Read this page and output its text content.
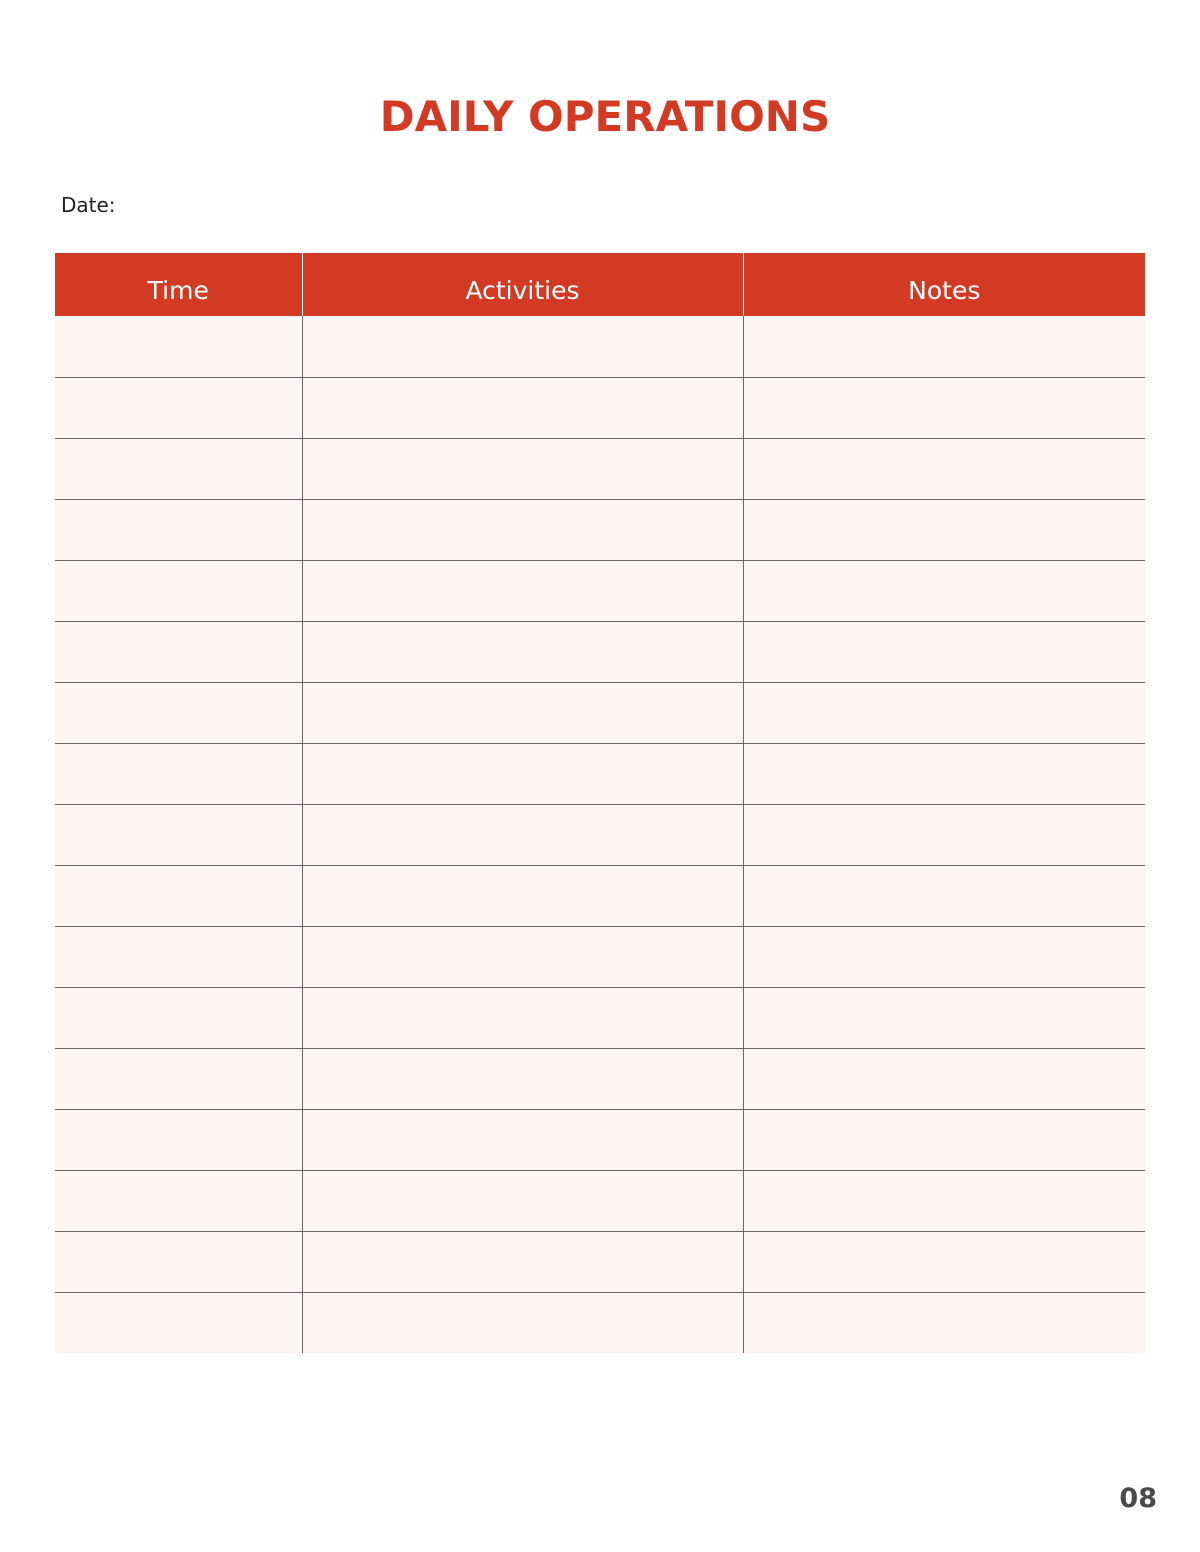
DAILY OPERATIONS
Date:
Time	Activities	Notes

08
